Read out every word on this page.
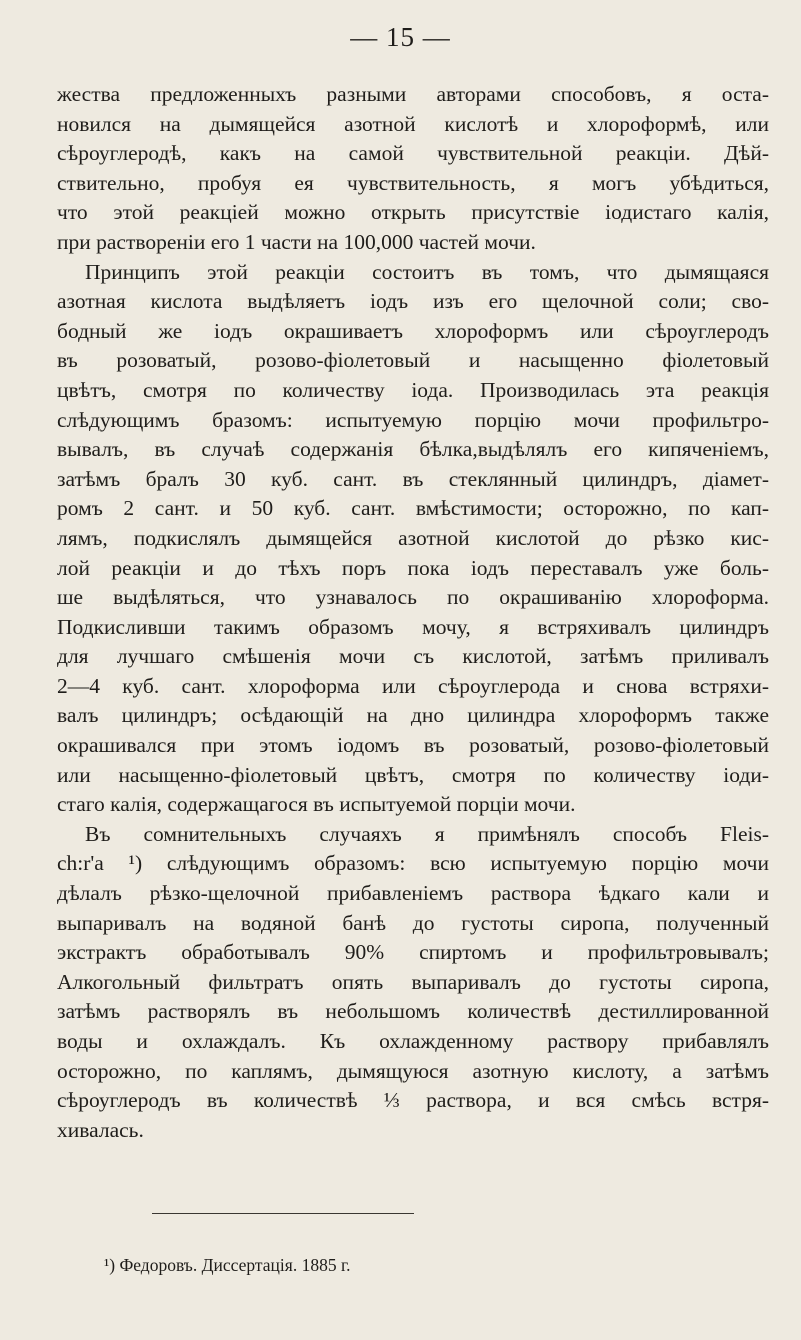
— 15 —
жества предложенныхъ разными авторами способовъ, я оста-
новился на дымящейся азотной кислотѣ и хлороформѣ, или
сѣроуглеродѣ, какъ на самой чувствительной реакціи. Дѣй-
ствительно, пробуя ея чувствительность, я могъ убѣдиться,
что этой реакціей можно открыть присутствіе іодистаго калія,
при раствореніи его 1 части на 100,000 частей мочи.
Принципъ этой реакціи состоитъ въ томъ, что дымящаяся
азотная кислота выдѣляетъ іодъ изъ его щелочной соли; сво-
бодный же іодъ окрашиваетъ хлороформъ или сѣроуглеродъ
въ розоватый, розово-фіолетовый и насыщенно фіолетовый
цвѣтъ, смотря по количеству іода. Производилась эта реакція
слѣдующимъ бразомъ: испытуемую порцію мочи профильтро-
вывалъ, въ случаѣ содержанія бѣлка,выдѣлялъ его кипяченіемъ,
затѣмъ бралъ 30 куб. сант. въ стеклянный цилиндръ, діамет-
ромъ 2 сант. и 50 куб. сант. вмѣстимости; осторожно, по кап-
лямъ, подкислялъ дымящейся азотной кислотой до рѣзко кис-
лой реакціи и до тѣхъ поръ пока іодъ переставалъ уже боль-
ше выдѣляться, что узнавалось по окрашиванію хлороформа.
Подкисливши такимъ образомъ мочу, я встряхивалъ цилиндръ
для лучшаго смѣшенія мочи съ кислотой, затѣмъ приливалъ
2—4 куб. сант. хлороформа или сѣроуглерода и снова встряхи-
валъ цилиндръ; осѣдающій на дно цилиндра хлороформъ также
окрашивался при этомъ іодомъ въ розоватый, розово-фіолетовый
или насыщенно-фіолетовый цвѣтъ, смотря по количеству іоди-
стаго калія, содержащагося въ испытуемой порціи мочи.
Въ сомнительныхъ случаяхъ я примѣнялъ способъ Fleis-
ch:r'a ¹) слѣдующимъ образомъ: всю испытуемую порцію мочи
дѣлалъ рѣзко-щелочной прибавленіемъ раствора ѣдкаго кали и
выпаривалъ на водяной банѣ до густоты сиропа, полученный
экстрактъ обработывалъ 90% спиртомъ и профильтровывалъ;
Алкогольный фильтратъ опять выпаривалъ до густоты сиропа,
затѣмъ растворялъ въ небольшомъ количествѣ дестиллированной
воды и охлаждалъ. Къ охлажденному раствору прибавлялъ
осторожно, по каплямъ, дымящуюся азотную кислоту, а затѣмъ
сѣроуглеродъ въ количествѣ ⅓ раствора, и вся смѣсь встря-
хивалась.
¹) Федоровъ. Диссертація. 1885 г.
